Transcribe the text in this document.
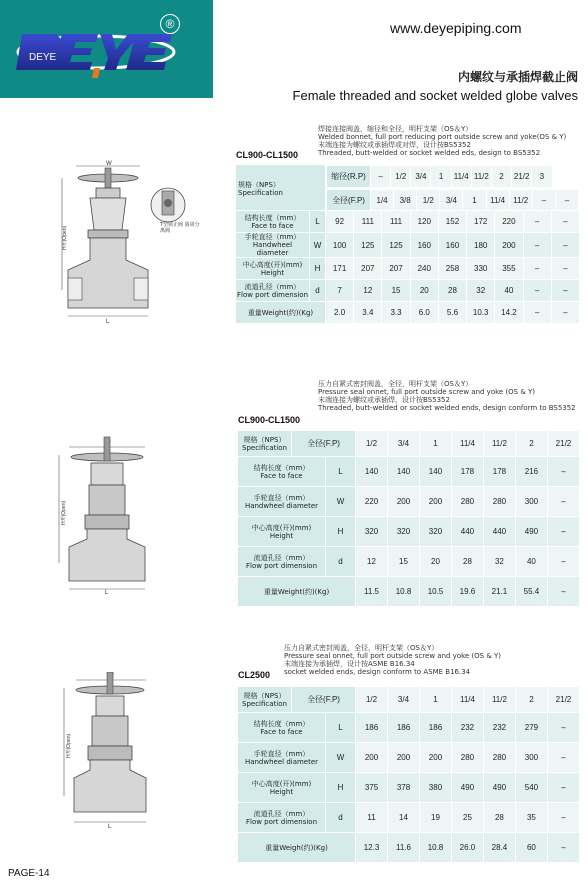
DEYE
®	www.deyepiping.com
内螺纹与承插焊截止阀
Female threaded and socket welded globe valves
W
L
H开(Open)
T型锁止阀 圆周分离阀
焊接连接阀盖，缩径和全径，明杆支架（OS＆Y）
Welded bonnet, full port reducing port outside screw and yoke(OS & Y)
末端连接为螺纹或承插焊或对焊，设计按BS5352
Threaded, butt-welded or socket welded eds, design to BS5352
CL900-CL1500
规格（NPS）
Specification

缩径(R.P)	–	1/2	3/4	1	11/4	11/2	2	21/2	3

全径(F.P)	1/4	3/8	1/2	3/4	1	11/4	11/2	–	–
结构长度（mm）
Face to face	L	92	111	111	120	152	172	220	–	–

手轮直径（mm）
Handwheel diameter	W	100	125	125	160	160	180	200	–	–

中心高度(开)(mm)
Height	H	171	207	207	240	258	330	355	–	–

流道孔径（mm）
Flow port dimension	d	7	12	15	20	28	32	40	–	–
重量Weight(约)(Kg)		2.0	3.4	3.3	6.0	5.6	10.3	14.2	–	–
L
H开(Open)
压力自紧式密封阀盖，全径，明杆支架（OS＆Y）
Pressure seal onnet, full port outside screw and yoke (OS & Y)
末端连接为螺纹或承插焊，设计按BS5352
Threaded, butt-welded or socket welded ends, design conform to BS5352
CL900-CL1500
规格（NPS）
Specification	全径(F.P)		1/2	3/4	1	11/4	11/2	2	21/2

结构长度（mm）
Face to face		L	140	140	140	178	178	216	–

手轮直径（mm）
Handwheel diameter		W	220	200	200	280	280	300	–

中心高度(开)(mm)
Height		H	320	320	320	440	440	490	–

流道孔径（mm）
Flow port dimension		d	12	15	20	28	32	40	–
重量Weight(约)(Kg)			11.5	10.8	10.5	19.6	21.1	55.4	–
L
H开(Open)
压力自紧式密封阀盖，全径，明杆支架（OS＆Y）
Pressure seal onnet, full port outside screw and yoke (OS & Y)
末端连接为承插焊，设计按ASME B16.34
socket welded ends, design conform to ASME B16.34
CL2500
规格（NPS）
Specification	全径(F.P)		1/2	3/4	1	11/4	11/2	2	21/2

结构长度（mm）
Face to face		L	186	186	186	232	232	279	–

手轮直径（mm）
Handwheel diameter		W	200	200	200	280	280	300	–

中心高度(开)(mm)
Height		H	375	378	380	490	490	540	–

流道孔径（mm）
Flow port dimension		d	11	14	19	25	28	35	–
重量Weigh(约)(Kg)			12.3	11.6	10.8	26.0	28.4	60	–
PAGE-14
